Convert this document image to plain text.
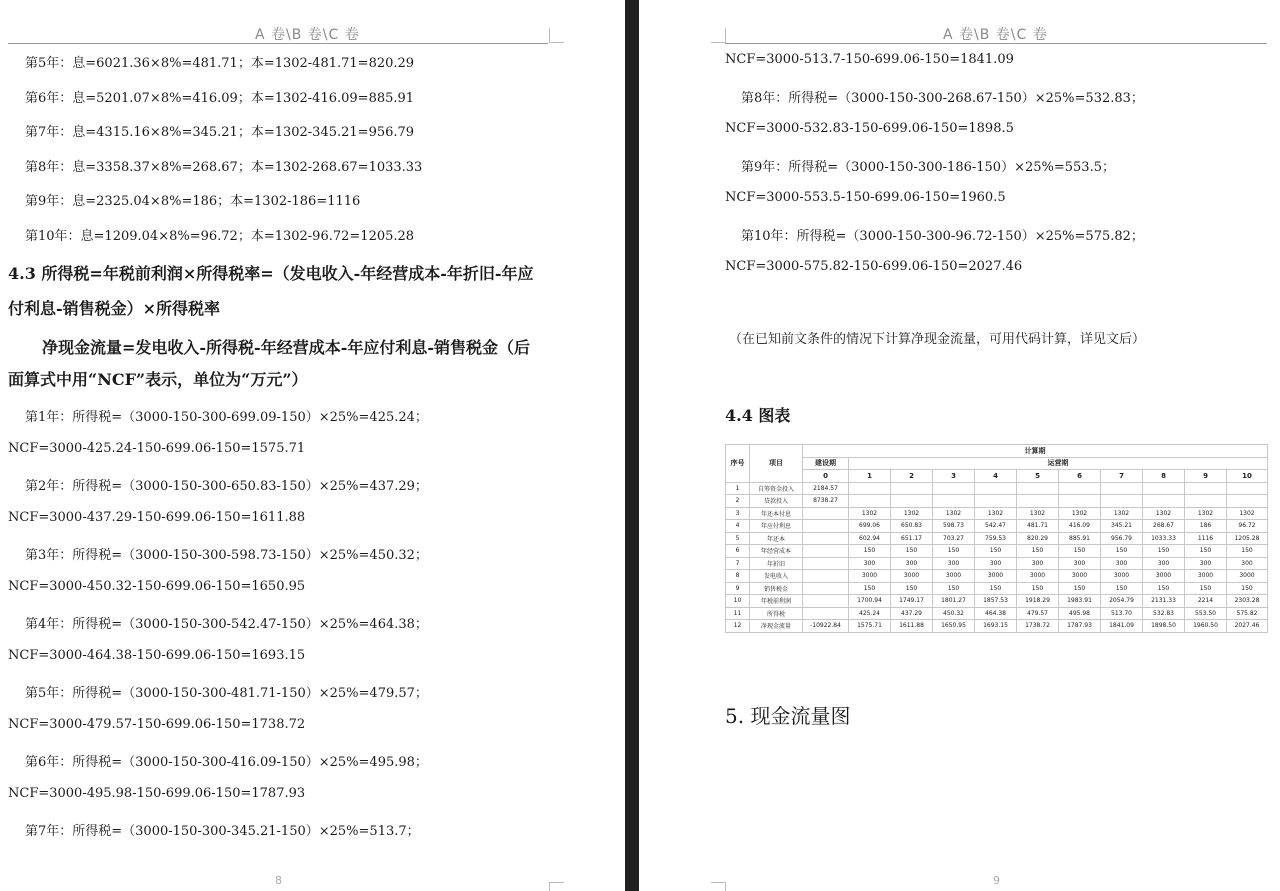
A 卷\B 卷\C 卷
第5年：息=6021.36×8%=481.71；本=1302-481.71=820.29
第6年：息=5201.07×8%=416.09；本=1302-416.09=885.91
第7年：息=4315.16×8%=345.21；本=1302-345.21=956.79
第8年：息=3358.37×8%=268.67；本=1302-268.67=1033.33
第9年：息=2325.04×8%=186；本=1302-186=1116
第10年：息=1209.04×8%=96.72；本=1302-96.72=1205.28
4.3 所得税=年税前利润×所得税率=（发电收入-年经营成本-年折旧-年应
付利息-销售税金）×所得税率
净现金流量=发电收入-所得税-年经营成本-年应付利息-销售税金（后
面算式中用“NCF”表示，单位为“万元”）
第1年：所得税=（3000-150-300-699.09-150）×25%=425.24；
NCF=3000-425.24-150-699.06-150=1575.71
第2年：所得税=（3000-150-300-650.83-150）×25%=437.29；
NCF=3000-437.29-150-699.06-150=1611.88
第3年：所得税=（3000-150-300-598.73-150）×25%=450.32；
NCF=3000-450.32-150-699.06-150=1650.95
第4年：所得税=（3000-150-300-542.47-150）×25%=464.38；
NCF=3000-464.38-150-699.06-150=1693.15
第5年：所得税=（3000-150-300-481.71-150）×25%=479.57；
NCF=3000-479.57-150-699.06-150=1738.72
第6年：所得税=（3000-150-300-416.09-150）×25%=495.98；
NCF=3000-495.98-150-699.06-150=1787.93
第7年：所得税=（3000-150-300-345.21-150）×25%=513.7；
8
A 卷\B 卷\C 卷
NCF=3000-513.7-150-699.06-150=1841.09
第8年：所得税=（3000-150-300-268.67-150）×25%=532.83；
NCF=3000-532.83-150-699.06-150=1898.5
第9年：所得税=（3000-150-300-186-150）×25%=553.5；
NCF=3000-553.5-150-699.06-150=1960.5
第10年：所得税=（3000-150-300-96.72-150）×25%=575.82；
NCF=3000-575.82-150-699.06-150=2027.46
（在已知前文条件的情况下计算净现金流量，可用代码计算，详见文后）
4.4 图表
序号	项目	计算期										
		建设期	运营期									
		0	1	2	3	4	5	6	7	8	9	10
1	自筹资金投入	2184.57										
2	贷款投入	8738.27										
3	年还本付息		1302	1302	1302	1302	1302	1302	1302	1302	1302	1302
4	年应付利息		699.06	650.83	598.73	542.47	481.71	416.09	345.21	268.67	186	96.72
5	年还本		602.94	651.17	703.27	759.53	820.29	885.91	956.79	1033.33	1116	1205.28
6	年经营成本		150	150	150	150	150	150	150	150	150	150
7	年折旧		300	300	300	300	300	300	300	300	300	300
8	发电收入		3000	3000	3000	3000	3000	3000	3000	3000	3000	3000
9	销售税金		150	150	150	150	150	150	150	150	150	150
10	年税前利润		1700.94	1749.17	1801.27	1857.53	1918.29	1983.91	2054.79	2131.33	2214	2303.28
11	所得税		425.24	437.29	450.32	464.38	479.57	495.98	513.70	532.83	553.50	575.82
12	净现金流量	-10922.84	1575.71	1611.88	1650.95	1693.15	1738.72	1787.93	1841.09	1898.50	1960.50	2027.46
5. 现金流量图
9
